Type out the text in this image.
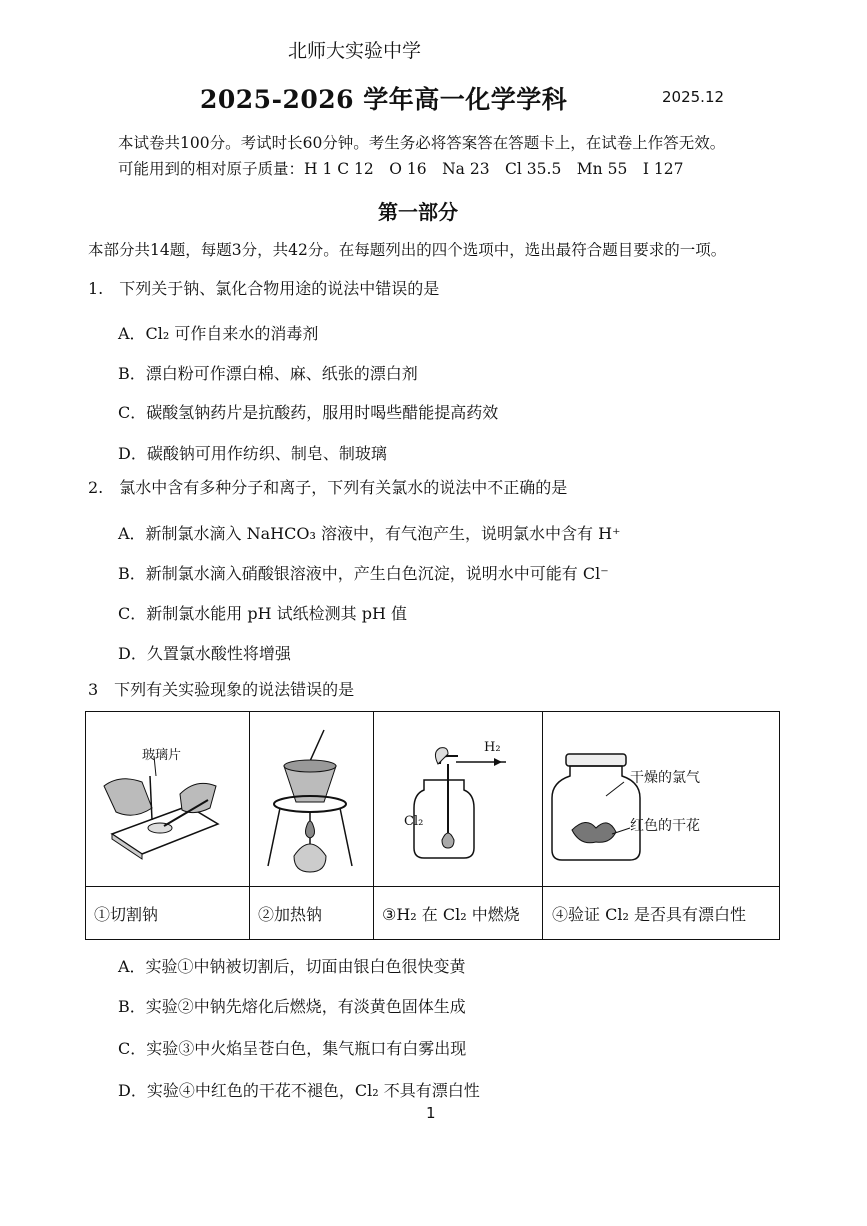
北师大实验中学
2025-2026 学年高一化学学科	2025.12
本试卷共100分。考试时长60分钟。考生务必将答案答在答题卡上，在试卷上作答无效。
可能用到的相对原子质量：H 1 C 12　O 16　Na 23　Cl 35.5　Mn 55　I 127
第一部分
本部分共14题，每题3分，共42分。在每题列出的四个选项中，选出最符合题目要求的一项。
1.　下列关于钠、氯化合物用途的说法中错误的是
A．Cl₂ 可作自来水的消毒剂
B．漂白粉可作漂白棉、麻、纸张的漂白剂
C．碳酸氢钠药片是抗酸药，服用时喝些醋能提高药效
D．碳酸钠可用作纺织、制皂、制玻璃
2.　氯水中含有多种分子和离子，下列有关氯水的说法中不正确的是
A．新制氯水滴入 NaHCO₃ 溶液中，有气泡产生，说明氯水中含有 H⁺
B．新制氯水滴入硝酸银溶液中，产生白色沉淀，说明水中可能有 Cl⁻
C．新制氯水能用 pH 试纸检测其 pH 值
D．久置氯水酸性将增强
3　下列有关实验现象的说法错误的是
玻璃片
H₂
Cl₂
干燥的氯气
红色的干花
①切割钠	②加热钠	③H₂ 在 Cl₂ 中燃烧 ④验证 Cl₂ 是否具有漂白性
A．实验①中钠被切割后，切面由银白色很快变黄
B．实验②中钠先熔化后燃烧，有淡黄色固体生成
C．实验③中火焰呈苍白色，集气瓶口有白雾出现
D．实验④中红色的干花不褪色，Cl₂ 不具有漂白性
1
